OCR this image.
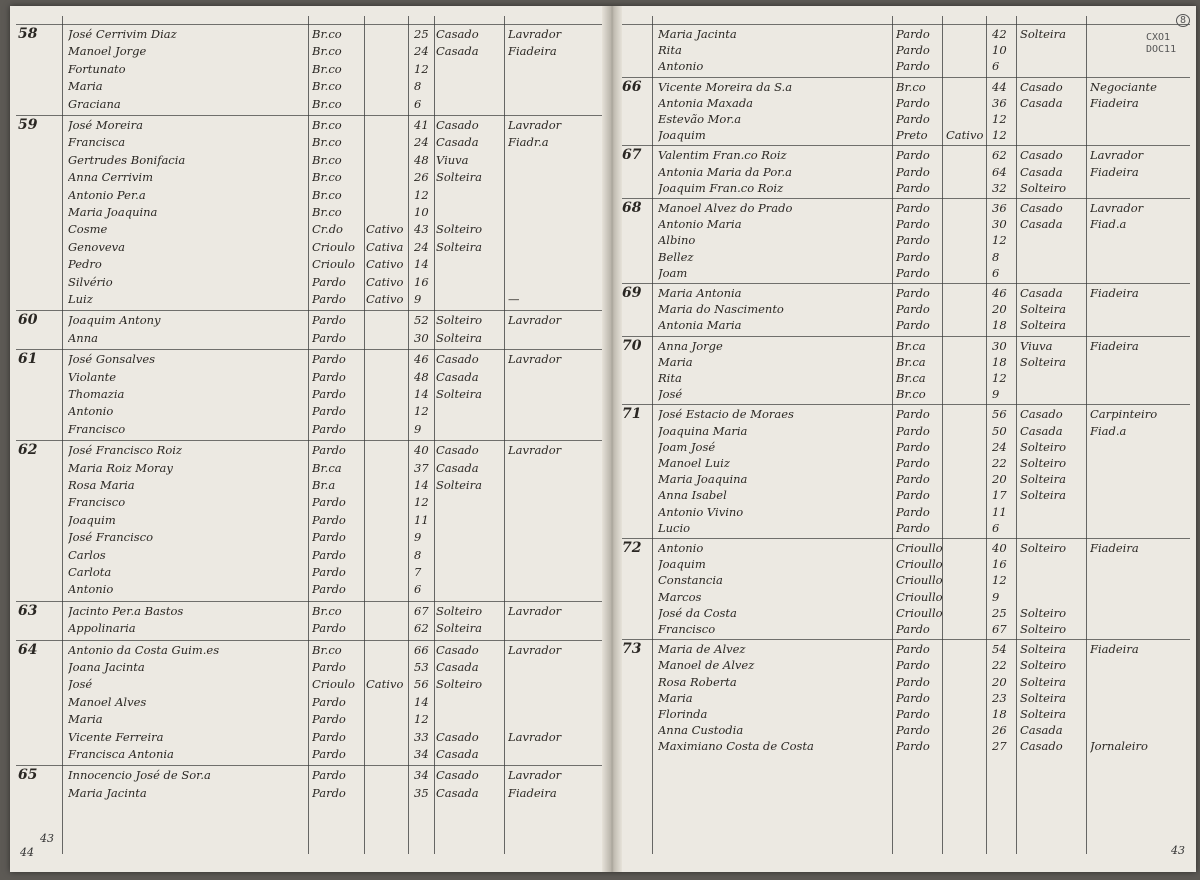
58	José Cerrivim Diaz	Br.co	25 Casado	Lavrador
Manoel Jorge	Br.co	24 Casada	Fiadeira
Fortunato	Br.co	12
Maria	Br.co	8
Graciana	Br.co	6
59	José Moreira	Br.co	41 Casado	Lavrador
Francisca	Br.co	24 Casada	Fiadr.a
Gertrudes Bonifacia	Br.co	48 Viuva
Anna Cerrivim	Br.co	26 Solteira
Antonio Per.a	Br.co	12
Maria Joaquina	Br.co	10
Cosme	Cr.do	Cativo 43 Solteiro
Genoveva	Crioulo Cativa 24 Solteira
Pedro	Crioulo Cativo 14
Silvério	Pardo	Cativo 16
Luiz	Pardo	Cativo 9	—
60	Joaquim Antony	Pardo	52 Solteiro	Lavrador
Anna	Pardo	30 Solteira
61	José Gonsalves	Pardo	46 Casado	Lavrador
Violante	Pardo	48 Casada
Thomazia	Pardo	14 Solteira
Antonio	Pardo	12
Francisco	Pardo	9
62	José Francisco Roiz	Pardo	40 Casado	Lavrador
Maria Roiz Moray	Br.ca	37 Casada
Rosa Maria	Br.a	14 Solteira
Francisco	Pardo	12
Joaquim	Pardo	11
José Francisco	Pardo	9
Carlos	Pardo	8
Carlota	Pardo	7
Antonio	Pardo	6
63	Jacinto Per.a Bastos	Br.co	67 Solteiro	Lavrador
Appolinaria	Pardo	62 Solteira
64	Antonio da Costa Guim.es	Br.co	66 Casado	Lavrador
Joana Jacinta	Pardo	53 Casada
José	Crioulo Cativo 56 Solteiro
Manoel Alves	Pardo	14
Maria	Pardo	12
Vicente Ferreira	Pardo	33 Casado	Lavrador
Francisca Antonia	Pardo	34 Casada
65	Innocencio José de Sor.a	Pardo	34 Casado	Lavrador
Maria Jacinta	Pardo	35 Casada	Fiadeira
44
43
Maria Jacinta	Pardo	42	Solteira
Rita	Pardo	10
Antonio	Pardo	6
66 Vicente Moreira da S.a	Br.co	44	Casado	Negociante
Antonia Maxada	Pardo	36	Casada	Fiadeira
Estevão Mor.a	Pardo	12
Joaquim	Preto	Cativo 12
67 Valentim Fran.co Roiz	Pardo	62	Casado	Lavrador
Antonia Maria da Por.a	Pardo	64	Casada	Fiadeira
Joaquim Fran.co Roiz	Pardo	32	Solteiro
68 Manoel Alvez do Prado	Pardo	36	Casado	Lavrador
Antonio Maria	Pardo	30	Casada	Fiad.a
Albino	Pardo	12
Bellez	Pardo	8
Joam	Pardo	6
69 Maria Antonia	Pardo	46	Casada	Fiadeira
Maria do Nascimento	Pardo	20	Solteira
Antonia Maria	Pardo	18	Solteira
70 Anna Jorge	Br.ca	30	Viuva	Fiadeira
Maria	Br.ca	18	Solteira
Rita	Br.ca	12
José	Br.co	9
71 José Estacio de Moraes	Pardo	56	Casado	Carpinteiro
Joaquina Maria	Pardo	50	Casada	Fiad.a
Joam José	Pardo	24	Solteiro
Manoel Luiz	Pardo	22	Solteiro
Maria Joaquina	Pardo	20	Solteira
Anna Isabel	Pardo	17	Solteira
Antonio Vivino	Pardo	11
Lucio	Pardo	6
72 Antonio	Crioullo	40	Solteiro	Fiadeira
Joaquim	Crioullo	16
Constancia	Crioullo	12
Marcos	Crioullo	9
José da Costa	Crioullo	25	Solteiro
Francisco	Pardo	67	Solteiro
73 Maria de Alvez	Pardo	54	Solteira	Fiadeira
Manoel de Alvez	Pardo	22	Solteiro
Rosa Roberta	Pardo	20	Solteira
Maria	Pardo	23	Solteira
Florinda	Pardo	18	Solteira
Anna Custodia	Pardo	26	Casada
Maximiano Costa de Costa	Pardo	27	Casado	Jornaleiro
43
CXO1
DOC11
8
